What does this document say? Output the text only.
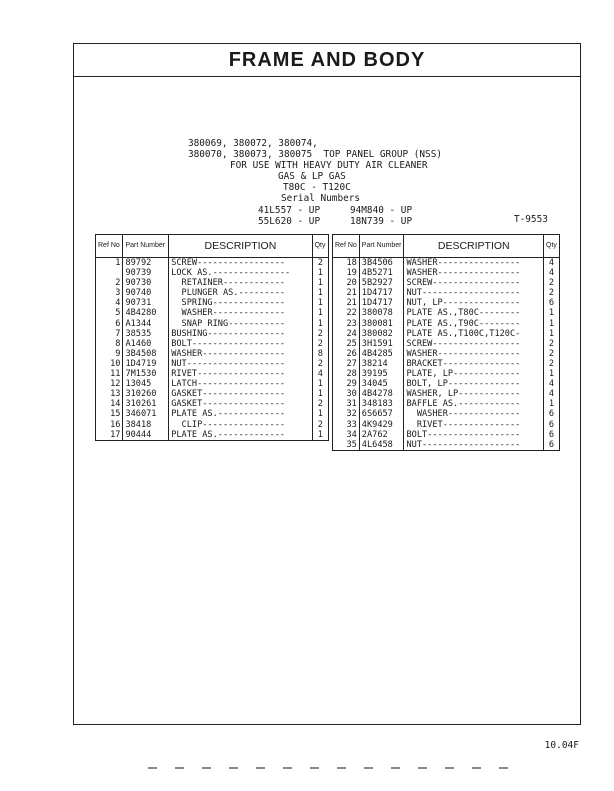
FRAME AND BODY
380069, 380072, 380074,
380070, 380073, 380075  TOP PANEL GROUP (NSS)
FOR USE WITH HEAVY DUTY AIR CLEANER
GAS & LP GAS
T80C - T120C
Serial Numbers
41L557 - UP	94M840 - UP
55L620 - UP	18N739 - UP	T-9553
Ref No	Part Number	DESCRIPTION	Qty
1	89792	SCREW-----------------	2
	90739	LOCK AS.---------------	1
2	90730	RETAINER------------	1
3	90740	PLUNGER AS.---------	1
4	90731	SPRING--------------	1
5	4B4280	WASHER--------------	1
6	A1344	SNAP RING-----------	1
7	38535	BUSHING---------------	2
8	A1460	BOLT------------------	2
9	3B4508	WASHER----------------	8
10	1D4719	NUT-------------------	2
11	7M1530	RIVET-----------------	4
12	13045	LATCH-----------------	1
13	310260	GASKET----------------	1
14	310261	GASKET----------------	2
15	346071	PLATE AS.-------------	1
16	38418	CLIP----------------	2
17	90444	PLATE AS.-------------	1
Ref No	Part Number	DESCRIPTION	Qty
18	3B4506	WASHER----------------	4
19	4B5271	WASHER----------------	4
20	5B2927	SCREW-----------------	2
21	1D4717	NUT-------------------	2
21	1D4717	NUT, LP---------------	6
22	380078	PLATE AS.,T80C--------	1
23	380081	PLATE AS.,T90C--------	1
24	380082	PLATE AS.,T100C,T120C-	1
25	3H1591	SCREW-----------------	2
26	4B4285	WASHER----------------	2
27	38214	BRACKET---------------	2
28	39195	PLATE, LP-------------	1
29	34045	BOLT, LP--------------	4
30	4B4278	WASHER, LP------------	4
31	348183	BAFFLE AS.------------	1
32	6S6657	WASHER--------------	6
33	4K9429	RIVET---------------	6
34	2A762	BOLT------------------	6
35	4L6458	NUT-------------------	6
10.04F
